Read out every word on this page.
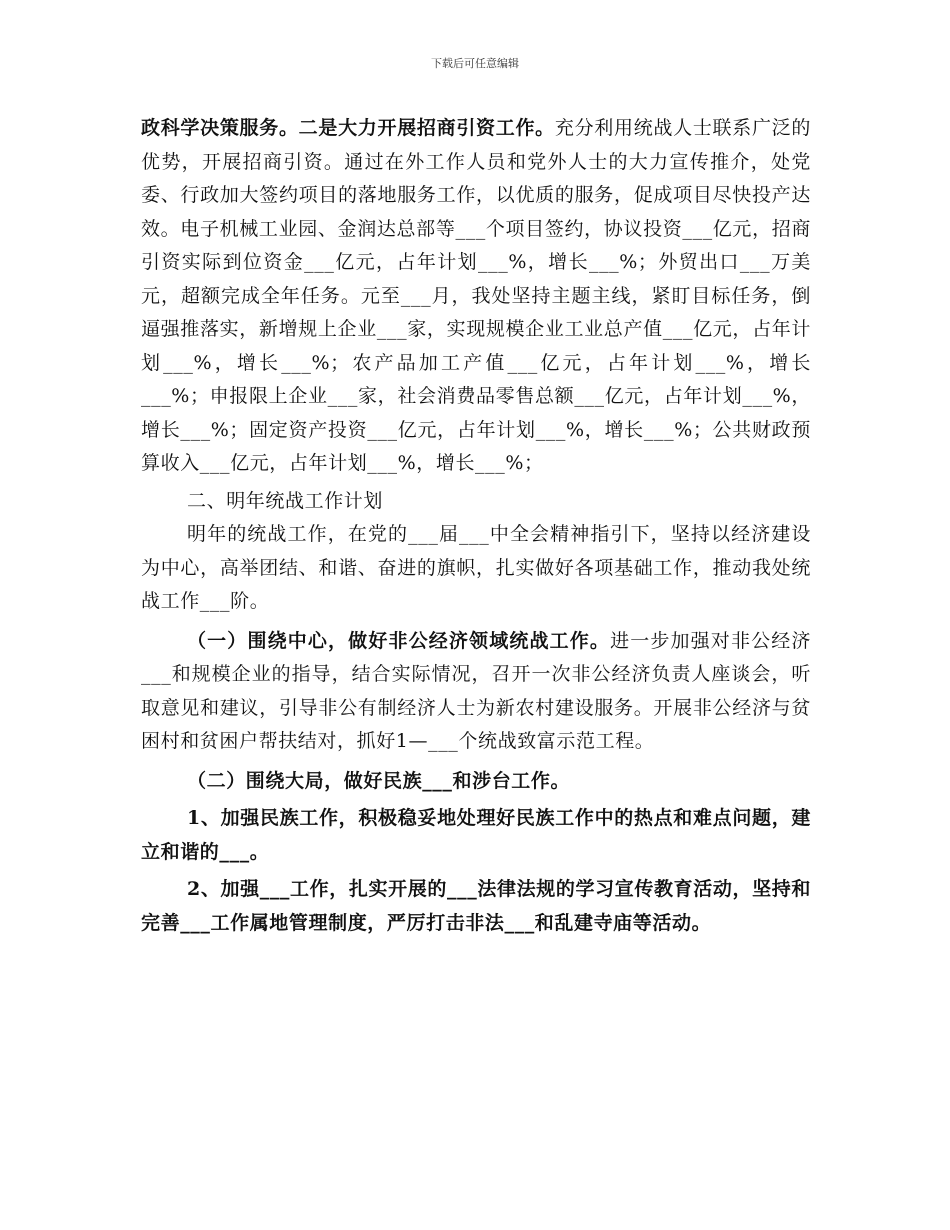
下载后可任意编辑

政科学决策服务。二是大力开展招商引资工作。充分利用统战人士联系广泛的优势，开展招商引资。通过在外工作人员和党外人士的大力宣传推介，处党委、行政加大签约项目的落地服务工作，以优质的服务，促成项目尽快投产达效。电子机械工业园、金润达总部等___个项目签约，协议投资___亿元，招商引资实际到位资金___亿元，占年计划___%，增长___%；外贸出口___万美元，超额完成全年任务。元至___月，我处坚持主题主线，紧盯目标任务，倒逼强推落实，新增规上企业___家，实现规模企业工业总产值___亿元，占年计划___%，增长___%；农产品加工产值___亿元，占年计划___%，增长___%；申报限上企业___家，社会消费品零售总额___亿元，占年计划___%，增长___%；固定资产投资___亿元，占年计划___%，增长___%；公共财政预算收入___亿元，占年计划___%，增长___%；

二、明年统战工作计划

明年的统战工作，在党的___届___中全会精神指引下，坚持以经济建设为中心，高举团结、和谐、奋进的旗帜，扎实做好各项基础工作，推动我处统战工作___阶。

（一）围绕中心，做好非公经济领域统战工作。进一步加强对非公经济___和规模企业的指导，结合实际情况，召开一次非公经济负责人座谈会，听取意见和建议，引导非公有制经济人士为新农村建设服务。开展非公经济与贫困村和贫困户帮扶结对，抓好1—___个统战致富示范工程。

（二）围绕大局，做好民族___和涉台工作。

1、加强民族工作，积极稳妥地处理好民族工作中的热点和难点问题，建立和谐的___。

2、加强___工作，扎实开展的___法律法规的学习宣传教育活动，坚持和完善___工作属地管理制度，严厉打击非法___和乱建寺庙等活动。
